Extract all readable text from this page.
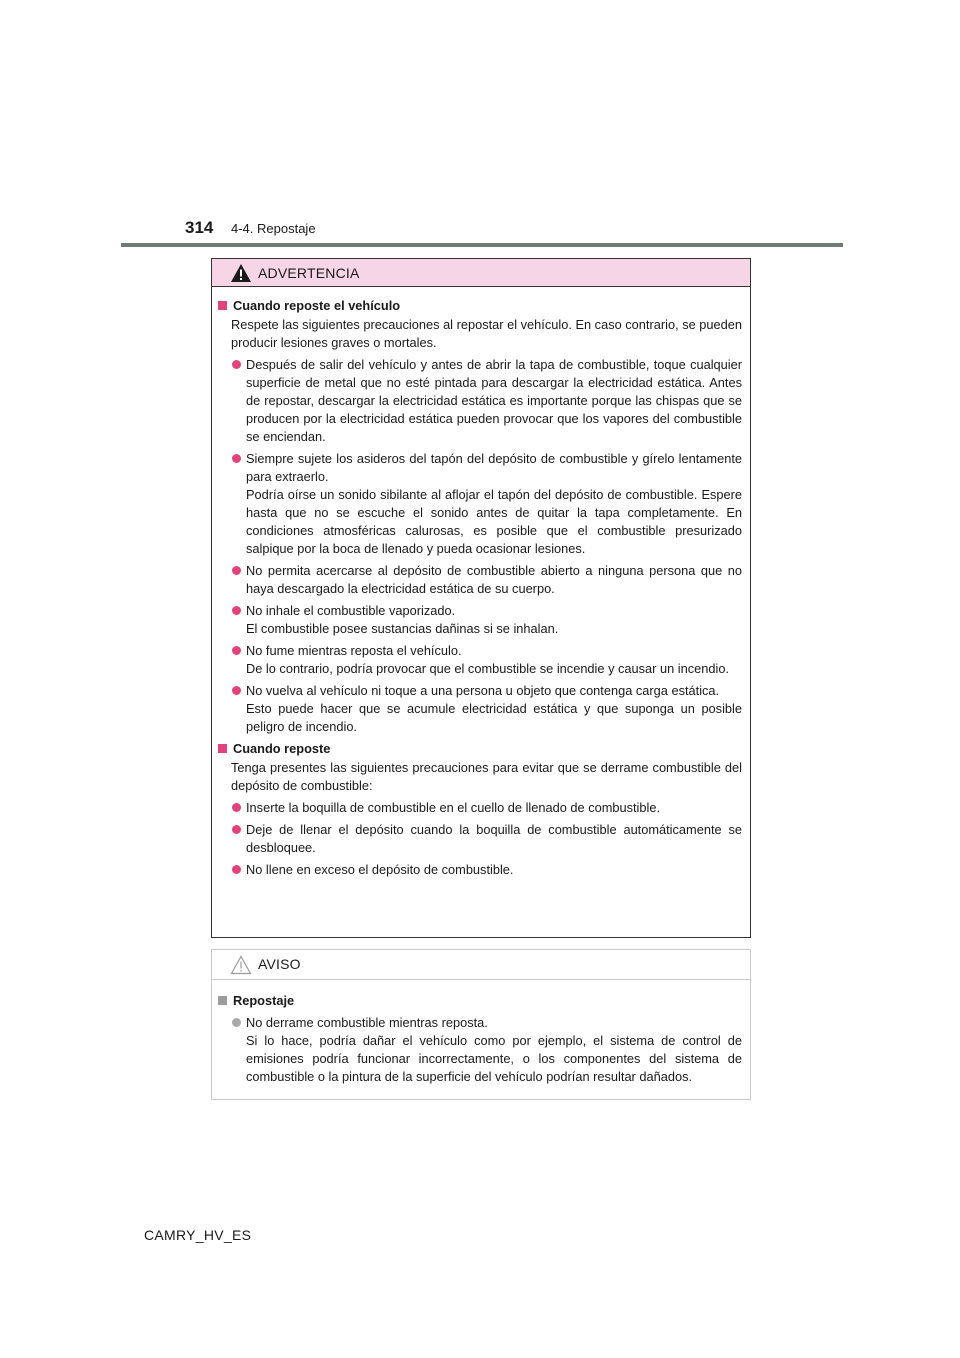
314 4-4. Repostaje
ADVERTENCIA
Cuando reposte el vehículo
Respete las siguientes precauciones al repostar el vehículo. En caso contrario, se pueden producir lesiones graves o mortales.
Después de salir del vehículo y antes de abrir la tapa de combustible, toque cualquier superficie de metal que no esté pintada para descargar la electricidad estática. Antes de repostar, descargar la electricidad estática es importante porque las chispas que se producen por la electricidad estática pueden provocar que los vapores del combustible se enciendan.
Siempre sujete los asideros del tapón del depósito de combustible y gírelo lentamente para extraerlo.
Podría oírse un sonido sibilante al aflojar el tapón del depósito de combustible. Espere hasta que no se escuche el sonido antes de quitar la tapa completamente. En condiciones atmosféricas calurosas, es posible que el combustible presurizado salpique por la boca de llenado y pueda ocasionar lesiones.
No permita acercarse al depósito de combustible abierto a ninguna persona que no haya descargado la electricidad estática de su cuerpo.
No inhale el combustible vaporizado.
El combustible posee sustancias dañinas si se inhalan.
No fume mientras reposta el vehículo.
De lo contrario, podría provocar que el combustible se incendie y causar un incendio.
No vuelva al vehículo ni toque a una persona u objeto que contenga carga estática.
Esto puede hacer que se acumule electricidad estática y que suponga un posible peligro de incendio.
Cuando reposte
Tenga presentes las siguientes precauciones para evitar que se derrame combustible del depósito de combustible:
Inserte la boquilla de combustible en el cuello de llenado de combustible.
Deje de llenar el depósito cuando la boquilla de combustible automáticamente se desbloquee.
No llene en exceso el depósito de combustible.
AVISO
Repostaje
No derrame combustible mientras reposta.
Si lo hace, podría dañar el vehículo como por ejemplo, el sistema de control de emisiones podría funcionar incorrectamente, o los componentes del sistema de combustible o la pintura de la superficie del vehículo podrían resultar dañados.
CAMRY_HV_ES
